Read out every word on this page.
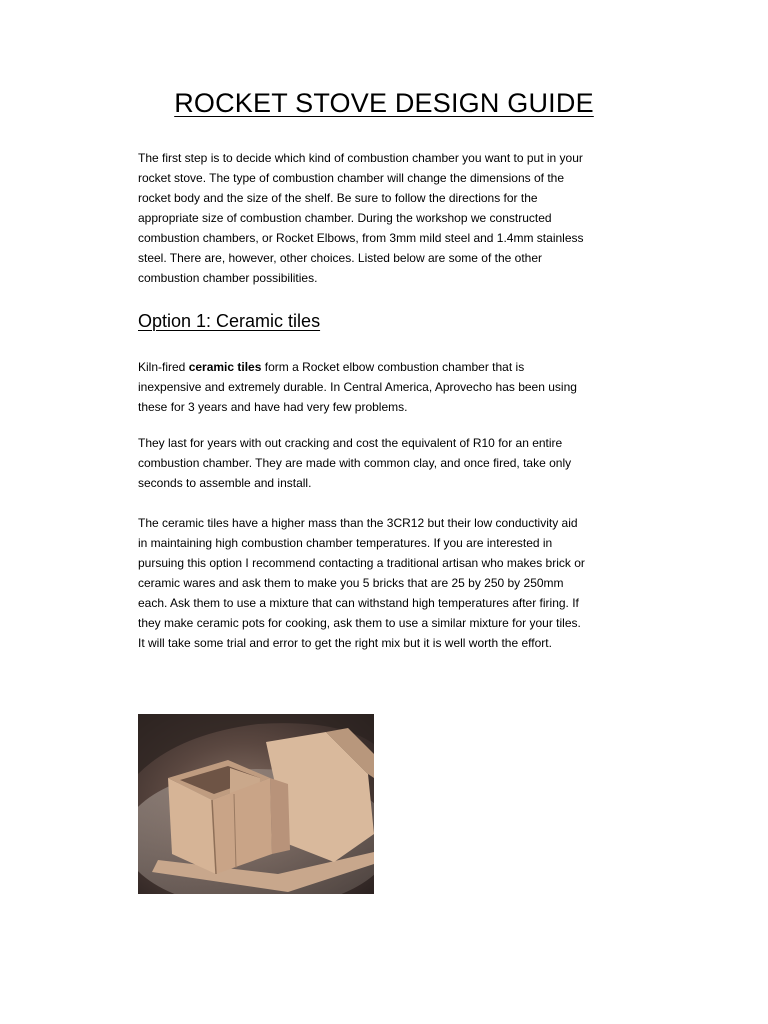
ROCKET STOVE DESIGN GUIDE

The first step is to decide which kind of combustion chamber you want to put in your
rocket stove. The type of combustion chamber will change the dimensions of the
rocket body and the size of the shelf. Be sure to follow the directions for the
appropriate size of combustion chamber. During the workshop we constructed
combustion chambers, or Rocket Elbows, from 3mm mild steel and 1.4mm stainless
steel. There are, however, other choices. Listed below are some of the other
combustion chamber possibilities.

Option 1: Ceramic tiles

Kiln-fired ceramic tiles form a Rocket elbow combustion chamber that is
inexpensive and extremely durable. In Central America, Aprovecho has been using
these for 3 years and have had very few problems.

They last for years with out cracking and cost the equivalent of R10 for an entire
combustion chamber. They are made with common clay, and once fired, take only
seconds to assemble and install.

The ceramic tiles have a higher mass than the 3CR12 but their low conductivity aid
in maintaining high combustion chamber temperatures. If you are interested in
pursuing this option I recommend contacting a traditional artisan who makes brick or
ceramic wares and ask them to make you 5 bricks that are 25 by 250 by 250mm
each. Ask them to use a mixture that can withstand high temperatures after firing. If
they make ceramic pots for cooking, ask them to use a similar mixture for your tiles.
It will take some trial and error to get the right mix but it is well worth the effort.
